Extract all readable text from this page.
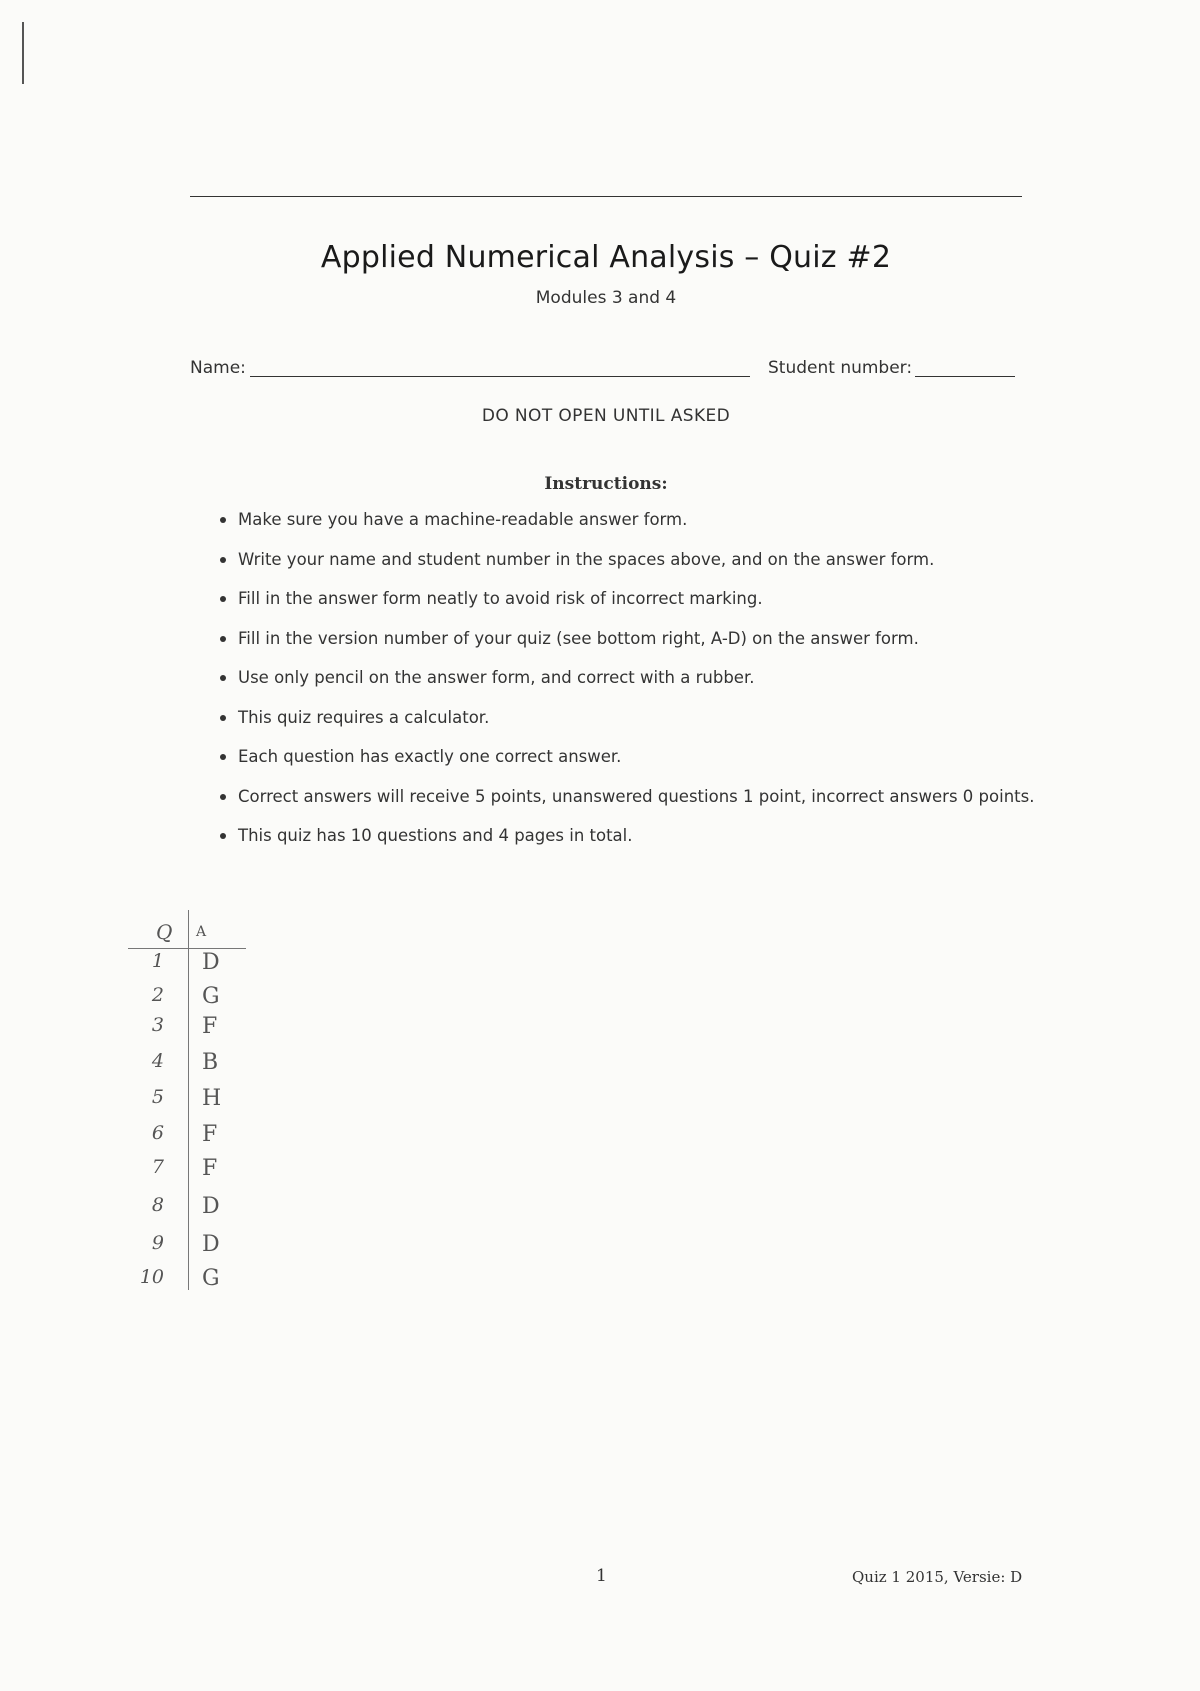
Applied Numerical Analysis – Quiz #2
Modules 3 and 4
Name:	Student number:
DO NOT OPEN UNTIL ASKED
Instructions:
Make sure you have a machine-readable answer form.
Write your name and student number in the spaces above, and on the answer form.
Fill in the answer form neatly to avoid risk of incorrect marking.
Fill in the version number of your quiz (see bottom right, A-D) on the answer form.
Use only pencil on the answer form, and correct with a rubber.
This quiz requires a calculator.
Each question has exactly one correct answer.
Correct answers will receive 5 points, unanswered questions 1 point, incorrect answers 0 points.
This quiz has 10 questions and 4 pages in total.
Q A
1 D
2 G
3 F
4 B
5 H
6 F
7 F
8 D
9 D
10 G
1	Quiz 1 2015, Versie: D
